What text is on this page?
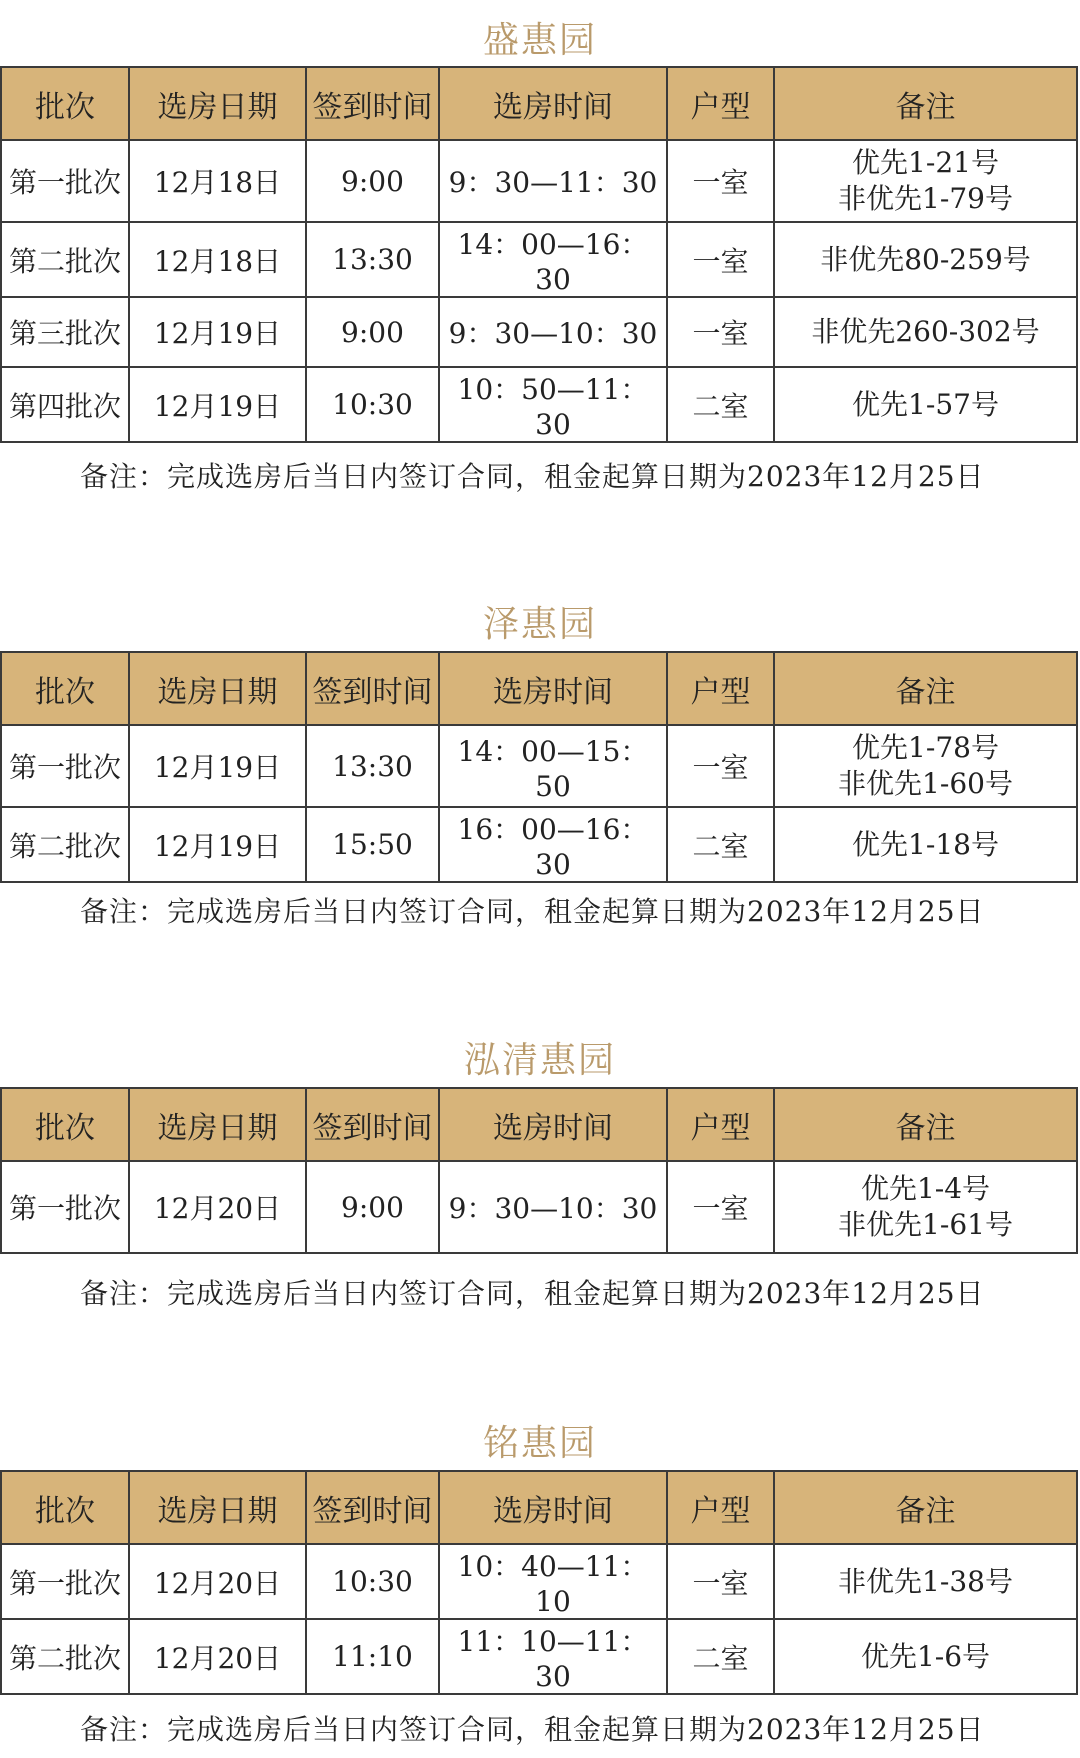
盛惠园
批次	选房日期	签到时间	选房时间	户型	备注
第一批次	12月18日	9:00	9：30—11：30	一室	优先1-21号
非优先1-79号

第二批次	12月18日	13:30	14：00—16：30	一室	非优先80-259号

第三批次	12月19日	9:00	9：30—10：30	一室	非优先260-302号

第四批次	12月19日	10:30	10：50—11：30	二室	优先1-57号
备注：完成选房后当日内签订合同，租金起算日期为2023年12月25日
泽惠园
批次	选房日期	签到时间	选房时间	户型	备注
第一批次	12月19日	13:30	14：00—15：50	一室	优先1-78号
非优先1-60号

第二批次	12月19日	15:50	16：00—16：30	二室	优先1-18号
备注：完成选房后当日内签订合同，租金起算日期为2023年12月25日
泓清惠园
批次	选房日期	签到时间	选房时间	户型	备注
第一批次	12月20日	9:00	9：30—10：30	一室	优先1-4号
非优先1-61号
备注：完成选房后当日内签订合同，租金起算日期为2023年12月25日
铭惠园
批次	选房日期	签到时间	选房时间	户型	备注
第一批次	12月20日	10:30	10：40—11：10	一室	非优先1-38号

第二批次	12月20日	11:10	11：10—11：30	二室	优先1-6号
备注：完成选房后当日内签订合同，租金起算日期为2023年12月25日
